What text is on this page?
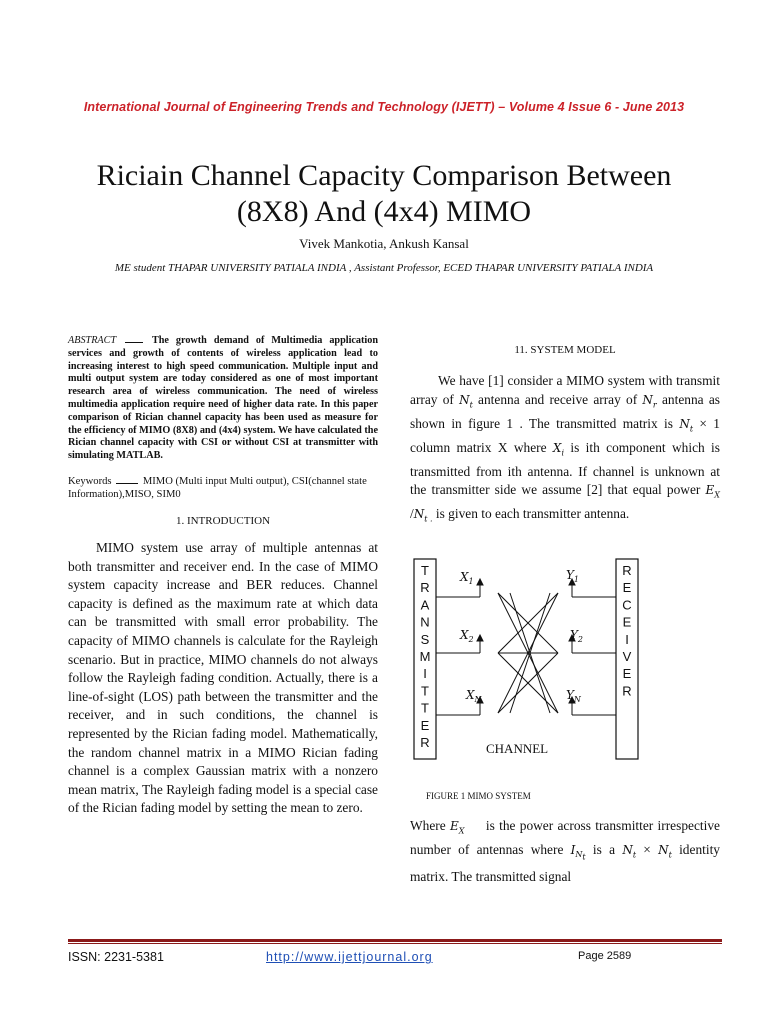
International Journal of Engineering Trends and Technology (IJETT) – Volume 4 Issue 6 - June 2013
Riciain Channel Capacity Comparison Between
(8X8) And (4x4) MIMO
Vivek Mankotia, Ankush Kansal
ME student THAPAR UNIVERSITY PATIALA INDIA , Assistant Professor, ECED THAPAR UNIVERSITY PATIALA INDIA

ABSTRACT	The growth demand of Multimedia application services and growth of contents of wireless application lead to increasing interest to high speed communication. Multiple input and multi output system are today considered as one of most important research area of wireless communication. The need of wireless multimedia application require need of higher data rate. In this paper comparison of Rician channel capacity has been used as measure for the efficiency of MIMO (8X8) and (4x4) system. We have calculated the Rician channel capacity with CSI or without CSI at transmitter with simulating MATLAB.

Keywords	MIMO (Multi input Multi output), CSI(channel state Information),MISO, SIM0
1. INTRODUCTION

MIMO system use array of multiple antennas at both transmitter and receiver end. In the case of MIMO system capacity increase and BER reduces. Channel capacity is defined as the maximum rate at which data can be transmitted with small error probability. The capacity of MIMO channels is calculate for the Rayleigh scenario. But in practice, MIMO channels do not always follow the Rayleigh fading condition. Actually, there is a line-of-sight (LOS) path between the transmitter and the receiver, and in such conditions, the channel is represented by the Rician fading model. Mathematically, the random channel matrix in a MIMO Rician fading channel is a complex Gaussian matrix with a nonzero mean matrix, The Rayleigh fading model is a special case of the Rician fading model by setting the mean to zero.

11. SYSTEM MODEL

We have [1] consider a MIMO system with transmit array of $N_t$ antenna and receive array of $N_r$ antenna as shown in figure 1 . The transmitted matrix is $N_t \times 1$ column matrix X where $X_i$ is ith component which is transmitted from ith antenna. If channel is unknown at the transmitter side we assume [2] that equal power $E_X$ $/N_{t .}$ is given to each transmitter antenna.

T
R
A
N
S
M
I
T
T
E
R
R
E
C
E
I
V
E
R
$X_1$
$X_2$
$X_N$
$Y_1$
$Y_2$
$Y_N$
CHANNEL
FIGURE 1 MIMO SYSTEM

Where $E_X$     is the power across transmitter irrespective number of antennas where $I_{N_t}$ is a $N_t \times N_t$ identity matrix. The transmitted signal

ISSN: 2231-5381	http://www.ijettjournal.org	Page 2589
